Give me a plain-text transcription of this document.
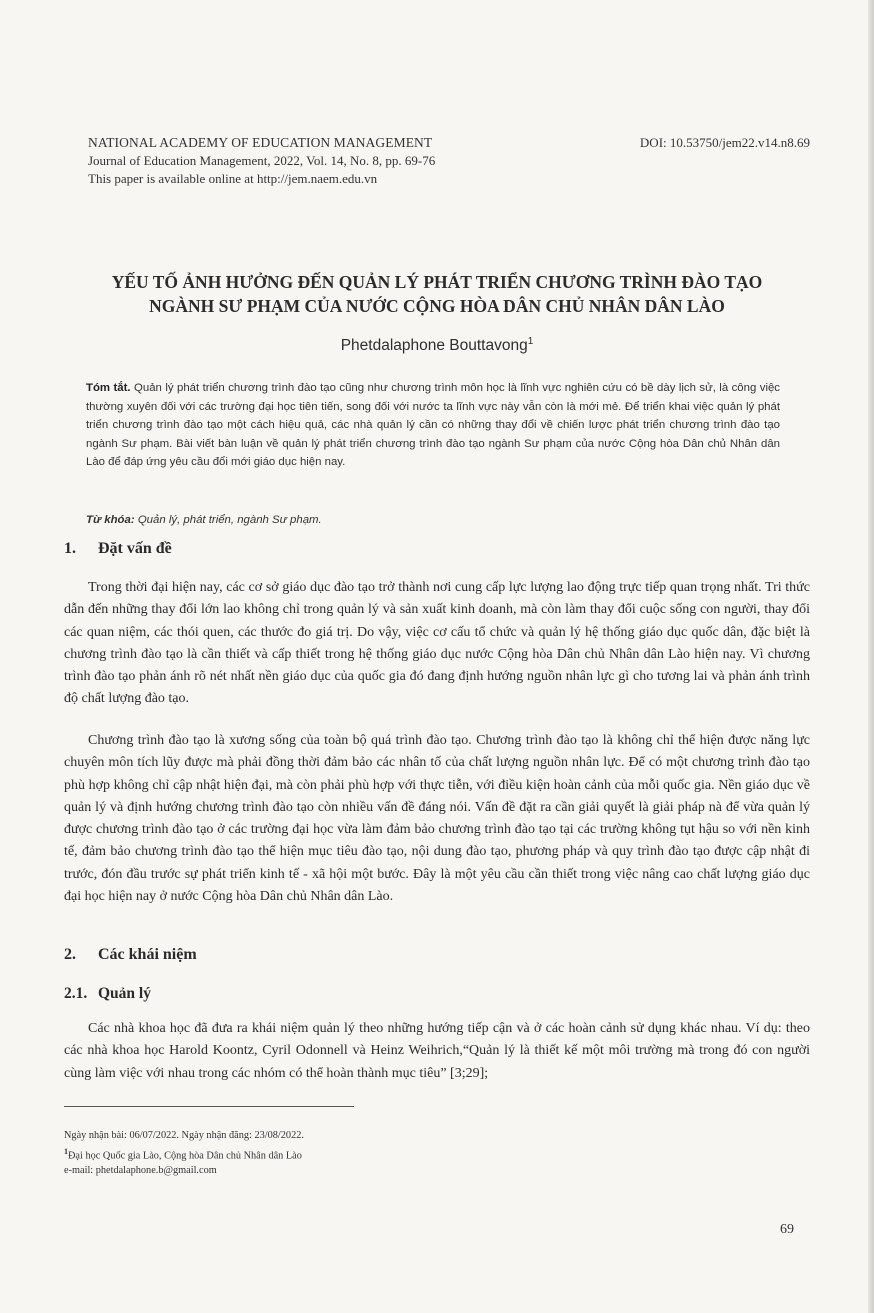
NATIONAL ACADEMY OF EDUCATION MANAGEMENT
Journal of Education Management, 2022, Vol. 14, No. 8, pp. 69-76
This paper is available online at http://jem.naem.edu.vn
DOI: 10.53750/jem22.v14.n8.69
YẾU TỐ ẢNH HƯỞNG ĐẾN QUẢN LÝ PHÁT TRIỂN CHƯƠNG TRÌNH ĐÀO TẠO
NGÀNH SƯ PHẠM CỦA NƯỚC CỘNG HÒA DÂN CHỦ NHÂN DÂN LÀO
Phetdalaphone Bouttavong$^1$
Tóm tắt. Quản lý phát triển chương trình đào tạo cũng như chương trình môn học là lĩnh vực nghiên cứu có bề dày lịch sử, là công việc thường xuyên đối với các trường đại học tiên tiến, song đối với nước ta lĩnh vực này vẫn còn là mới mẻ. Để triển khai việc quản lý phát triển chương trình đào tạo một cách hiệu quả, các nhà quản lý cần có những thay đổi về chiến lược phát triển chương trình đào tạo ngành Sư phạm. Bài viết bàn luận về quản lý phát triển chương trình đào tạo ngành Sư phạm của nước Cộng hòa Dân chủ Nhân dân Lào để đáp ứng yêu cầu đổi mới giáo dục hiện nay.
Từ khóa: Quản lý, phát triển, ngành Sư phạm.
1. Đặt vấn đề
Trong thời đại hiện nay, các cơ sở giáo dục đào tạo trở thành nơi cung cấp lực lượng lao động trực tiếp quan trọng nhất. Tri thức dẫn đến những thay đổi lớn lao không chỉ trong quản lý và sản xuất kinh doanh, mà còn làm thay đổi cuộc sống con người, thay đổi các quan niệm, các thói quen, các thước đo giá trị. Do vậy, việc cơ cấu tổ chức và quản lý hệ thống giáo dục quốc dân, đặc biệt là chương trình đào tạo là cần thiết và cấp thiết trong hệ thống giáo dục nước Cộng hòa Dân chủ Nhân dân Lào hiện nay. Vì chương trình đào tạo phản ánh rõ nét nhất nền giáo dục của quốc gia đó đang định hướng nguồn nhân lực gì cho tương lai và phản ánh trình độ chất lượng đào tạo.
Chương trình đào tạo là xương sống của toàn bộ quá trình đào tạo. Chương trình đào tạo là không chỉ thể hiện được năng lực chuyên môn tích lũy được mà phải đồng thời đảm bảo các nhân tố của chất lượng nguồn nhân lực. Để có một chương trình đào tạo phù hợp không chỉ cập nhật hiện đại, mà còn phải phù hợp với thực tiễn, với điều kiện hoàn cảnh của mỗi quốc gia. Nền giáo dục về quản lý và định hướng chương trình đào tạo còn nhiều vấn đề đáng nói. Vấn đề đặt ra cần giải quyết là giải pháp nà để vừa quản lý được chương trình đào tạo ở các trường đại học vừa làm đảm bảo chương trình đào tạo tại các trường không tụt hậu so với nền kinh tế, đảm bảo chương trình đào tạo thể hiện mục tiêu đào tạo, nội dung đào tạo, phương pháp và quy trình đào tạo được cập nhật đi trước, đón đầu trước sự phát triển kinh tế - xã hội một bước. Đây là một yêu cầu cần thiết trong việc nâng cao chất lượng giáo dục đại học hiện nay ở nước Cộng hòa Dân chủ Nhân dân Lào.
2. Các khái niệm
2.1. Quản lý
Các nhà khoa học đã đưa ra khái niệm quản lý theo những hướng tiếp cận và ở các hoàn cảnh sử dụng khác nhau. Ví dụ: theo các nhà khoa học Harold Koontz, Cyril Odonnell và Heinz Weihrich,“Quản lý là thiết kế một môi trường mà trong đó con người cùng làm việc với nhau trong các nhóm có thể hoàn thành mục tiêu” [3;29];
Ngày nhận bài: 06/07/2022. Ngày nhận đăng: 23/08/2022.
$^1$Đại học Quốc gia Lào, Cộng hòa Dân chủ Nhân dân Lào
e-mail: phetdalaphone.b@gmail.com
69
